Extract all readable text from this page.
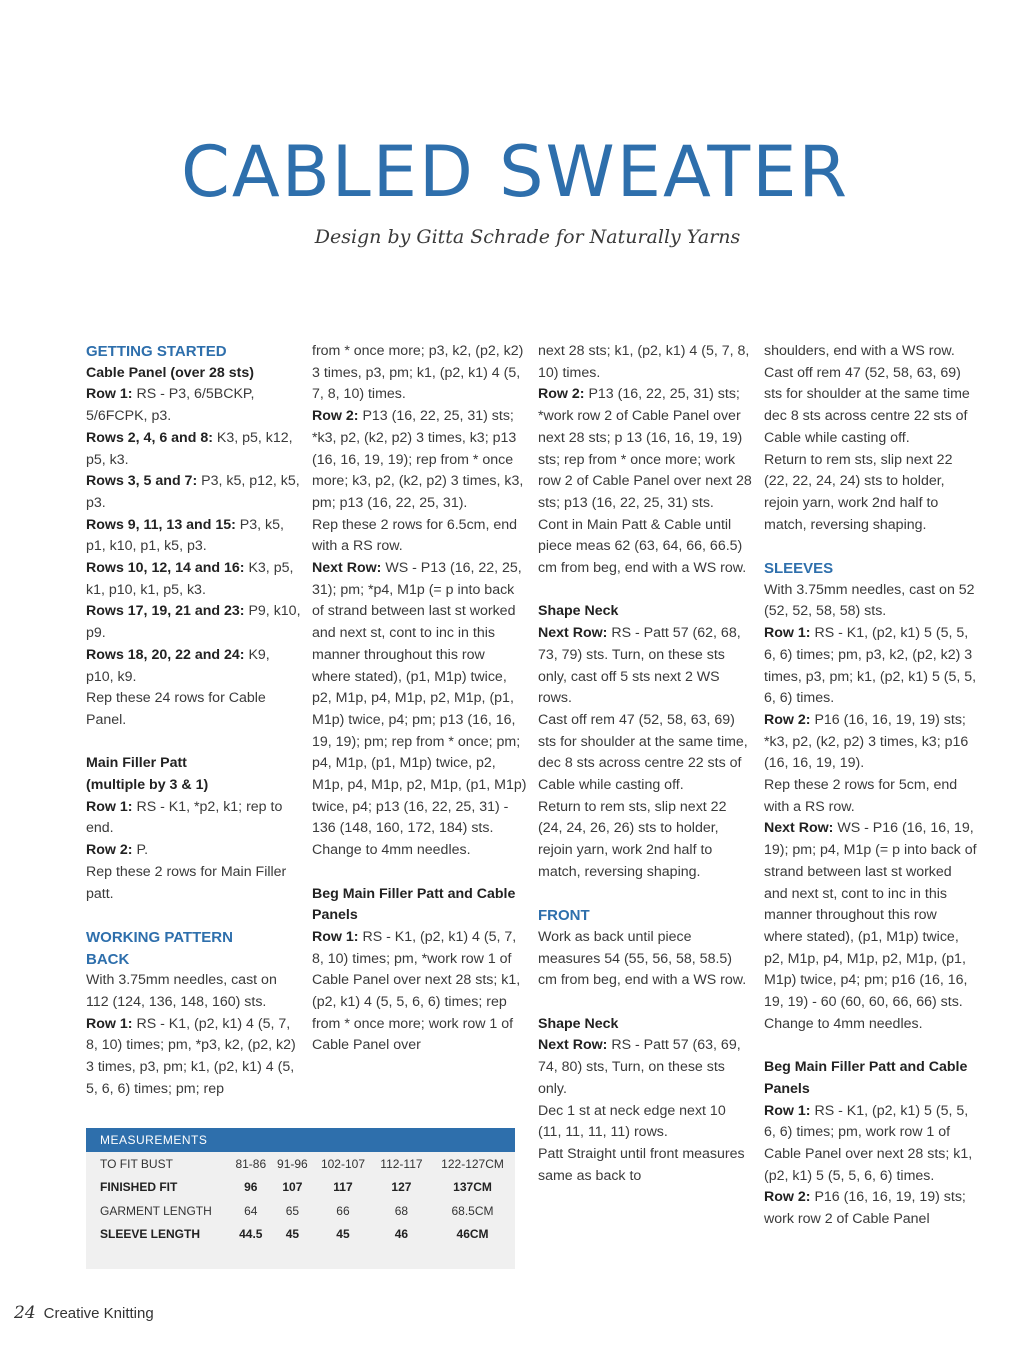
CABLED SWEATER
Design by Gitta Schrade for Naturally Yarns

GETTING STARTED

Cable Panel (over 28 sts)

Row 1: RS - P3, 6/5BCKP, 5/6FCPK, p3.

Rows 2, 4, 6 and 8: K3, p5, k12, p5, k3.

Rows 3, 5 and 7: P3, k5, p12, k5, p3.

Rows 9, 11, 13 and 15: P3, k5, p1, k10, p1, k5, p3.

Rows 10, 12, 14 and 16: K3, p5, k1, p10, k1, p5, k3.

Rows 17, 19, 21 and 23: P9, k10, p9.

Rows 18, 20, 22 and 24: K9, p10, k9.

Rep these 24 rows for Cable Panel.

Main Filler Patt

(multiple by 3 & 1)

Row 1: RS - K1, *p2, k1; rep to end.

Row 2: P.

Rep these 2 rows for Main Filler patt.

WORKING PATTERN

BACK

With 3.75mm needles, cast on 112 (124, 136, 148, 160) sts.

Row 1: RS - K1, (p2, k1) 4 (5, 7, 8, 10) times; pm, *p3, k2, (p2, k2) 3 times, p3, pm; k1, (p2, k1) 4 (5, 5, 6, 6) times; pm; rep

from * once more; p3, k2, (p2, k2) 3 times, p3, pm; k1, (p2, k1) 4 (5, 7, 8, 10) times.

Row 2: P13 (16, 22, 25, 31) sts; *k3, p2, (k2, p2) 3 times, k3; p13 (16, 16, 19, 19); rep from * once more; k3, p2, (k2, p2) 3 times, k3, pm; p13 (16, 22, 25, 31).

Rep these 2 rows for 6.5cm, end with a RS row.

Next Row: WS - P13 (16, 22, 25, 31); pm; *p4, M1p (= p into back of strand between last st worked and next st, cont to inc in this manner throughout this row where stated), (p1, M1p) twice, p2, M1p, p4, M1p, p2, M1p, (p1, M1p) twice, p4; pm; p13 (16, 16, 19, 19); pm; rep from * once; pm; p4, M1p, (p1, M1p) twice, p2, M1p, p4, M1p, p2, M1p, (p1, M1p) twice, p4; p13 (16, 22, 25, 31) - 136 (148, 160, 172, 184) sts.

Change to 4mm needles.

Beg Main Filler Patt and Cable Panels

Row 1: RS - K1, (p2, k1) 4 (5, 7, 8, 10) times; pm, *work row 1 of Cable Panel over next 28 sts; k1, (p2, k1) 4 (5, 5, 6, 6) times; rep from * once more; work row 1 of Cable Panel over

next 28 sts; k1, (p2, k1) 4 (5, 7, 8, 10) times.

Row 2: P13 (16, 22, 25, 31) sts; *work row 2 of Cable Panel over next 28 sts; p 13 (16, 16, 19, 19) sts; rep from * once more; work row 2 of Cable Panel over next 28 sts; p13 (16, 22, 25, 31) sts.

Cont in Main Patt & Cable until piece meas 62 (63, 64, 66, 66.5) cm from beg, end with a WS row.

Shape Neck

Next Row: RS - Patt 57 (62, 68, 73, 79) sts. Turn, on these sts only, cast off 5 sts next 2 WS rows.

Cast off rem 47 (52, 58, 63, 69) sts for shoulder at the same time, dec 8 sts across centre 22 sts of Cable while casting off.

Return to rem sts, slip next 22 (24, 24, 26, 26) sts to holder, rejoin yarn, work 2nd half to match, reversing shaping.

FRONT

Work as back until piece measures 54 (55, 56, 58, 58.5) cm from beg, end with a WS row.

Shape Neck

Next Row: RS - Patt 57 (63, 69, 74, 80) sts, Turn, on these sts only.

Dec 1 st at neck edge next 10 (11, 11, 11, 11) rows.

Patt Straight until front measures same as back to

shoulders, end with a WS row.

Cast off rem 47 (52, 58, 63, 69) sts for shoulder at the same time dec 8 sts across centre 22 sts of Cable while casting off.

Return to rem sts, slip next 22 (22, 22, 24, 24) sts to holder, rejoin yarn, work 2nd half to match, reversing shaping.

SLEEVES

With 3.75mm needles, cast on 52 (52, 52, 58, 58) sts.

Row 1: RS - K1, (p2, k1) 5 (5, 5, 6, 6) times; pm, p3, k2, (p2, k2) 3 times, p3, pm; k1, (p2, k1) 5 (5, 5, 6, 6) times.

Row 2: P16 (16, 16, 19, 19) sts; *k3, p2, (k2, p2) 3 times, k3; p16 (16, 16, 19, 19).

Rep these 2 rows for 5cm, end with a RS row.

Next Row: WS - P16 (16, 16, 19, 19); pm; p4, M1p (= p into back of strand between last st worked and next st, cont to inc in this manner throughout this row where stated), (p1, M1p) twice, p2, M1p, p4, M1p, p2, M1p, (p1, M1p) twice, p4; pm; p16 (16, 16, 19, 19) - 60 (60, 60, 66, 66) sts.

Change to 4mm needles.

Beg Main Filler Patt and Cable Panels

Row 1: RS - K1, (p2, k1) 5 (5, 5, 6, 6) times; pm, work row 1 of Cable Panel over next 28 sts; k1, (p2, k1) 5 (5, 5, 6, 6) times.

Row 2: P16 (16, 16, 19, 19) sts; work row 2 of Cable Panel

MEASUREMENTS
TO FIT BUST	81-86	91-96	102-107	112-117	122-127CM
FINISHED FIT	96	107	117	127	137CM
GARMENT LENGTH	64	65	66	68	68.5CM
SLEEVE LENGTH	44.5	45	45	46	46CM
24 Creative Knitting
